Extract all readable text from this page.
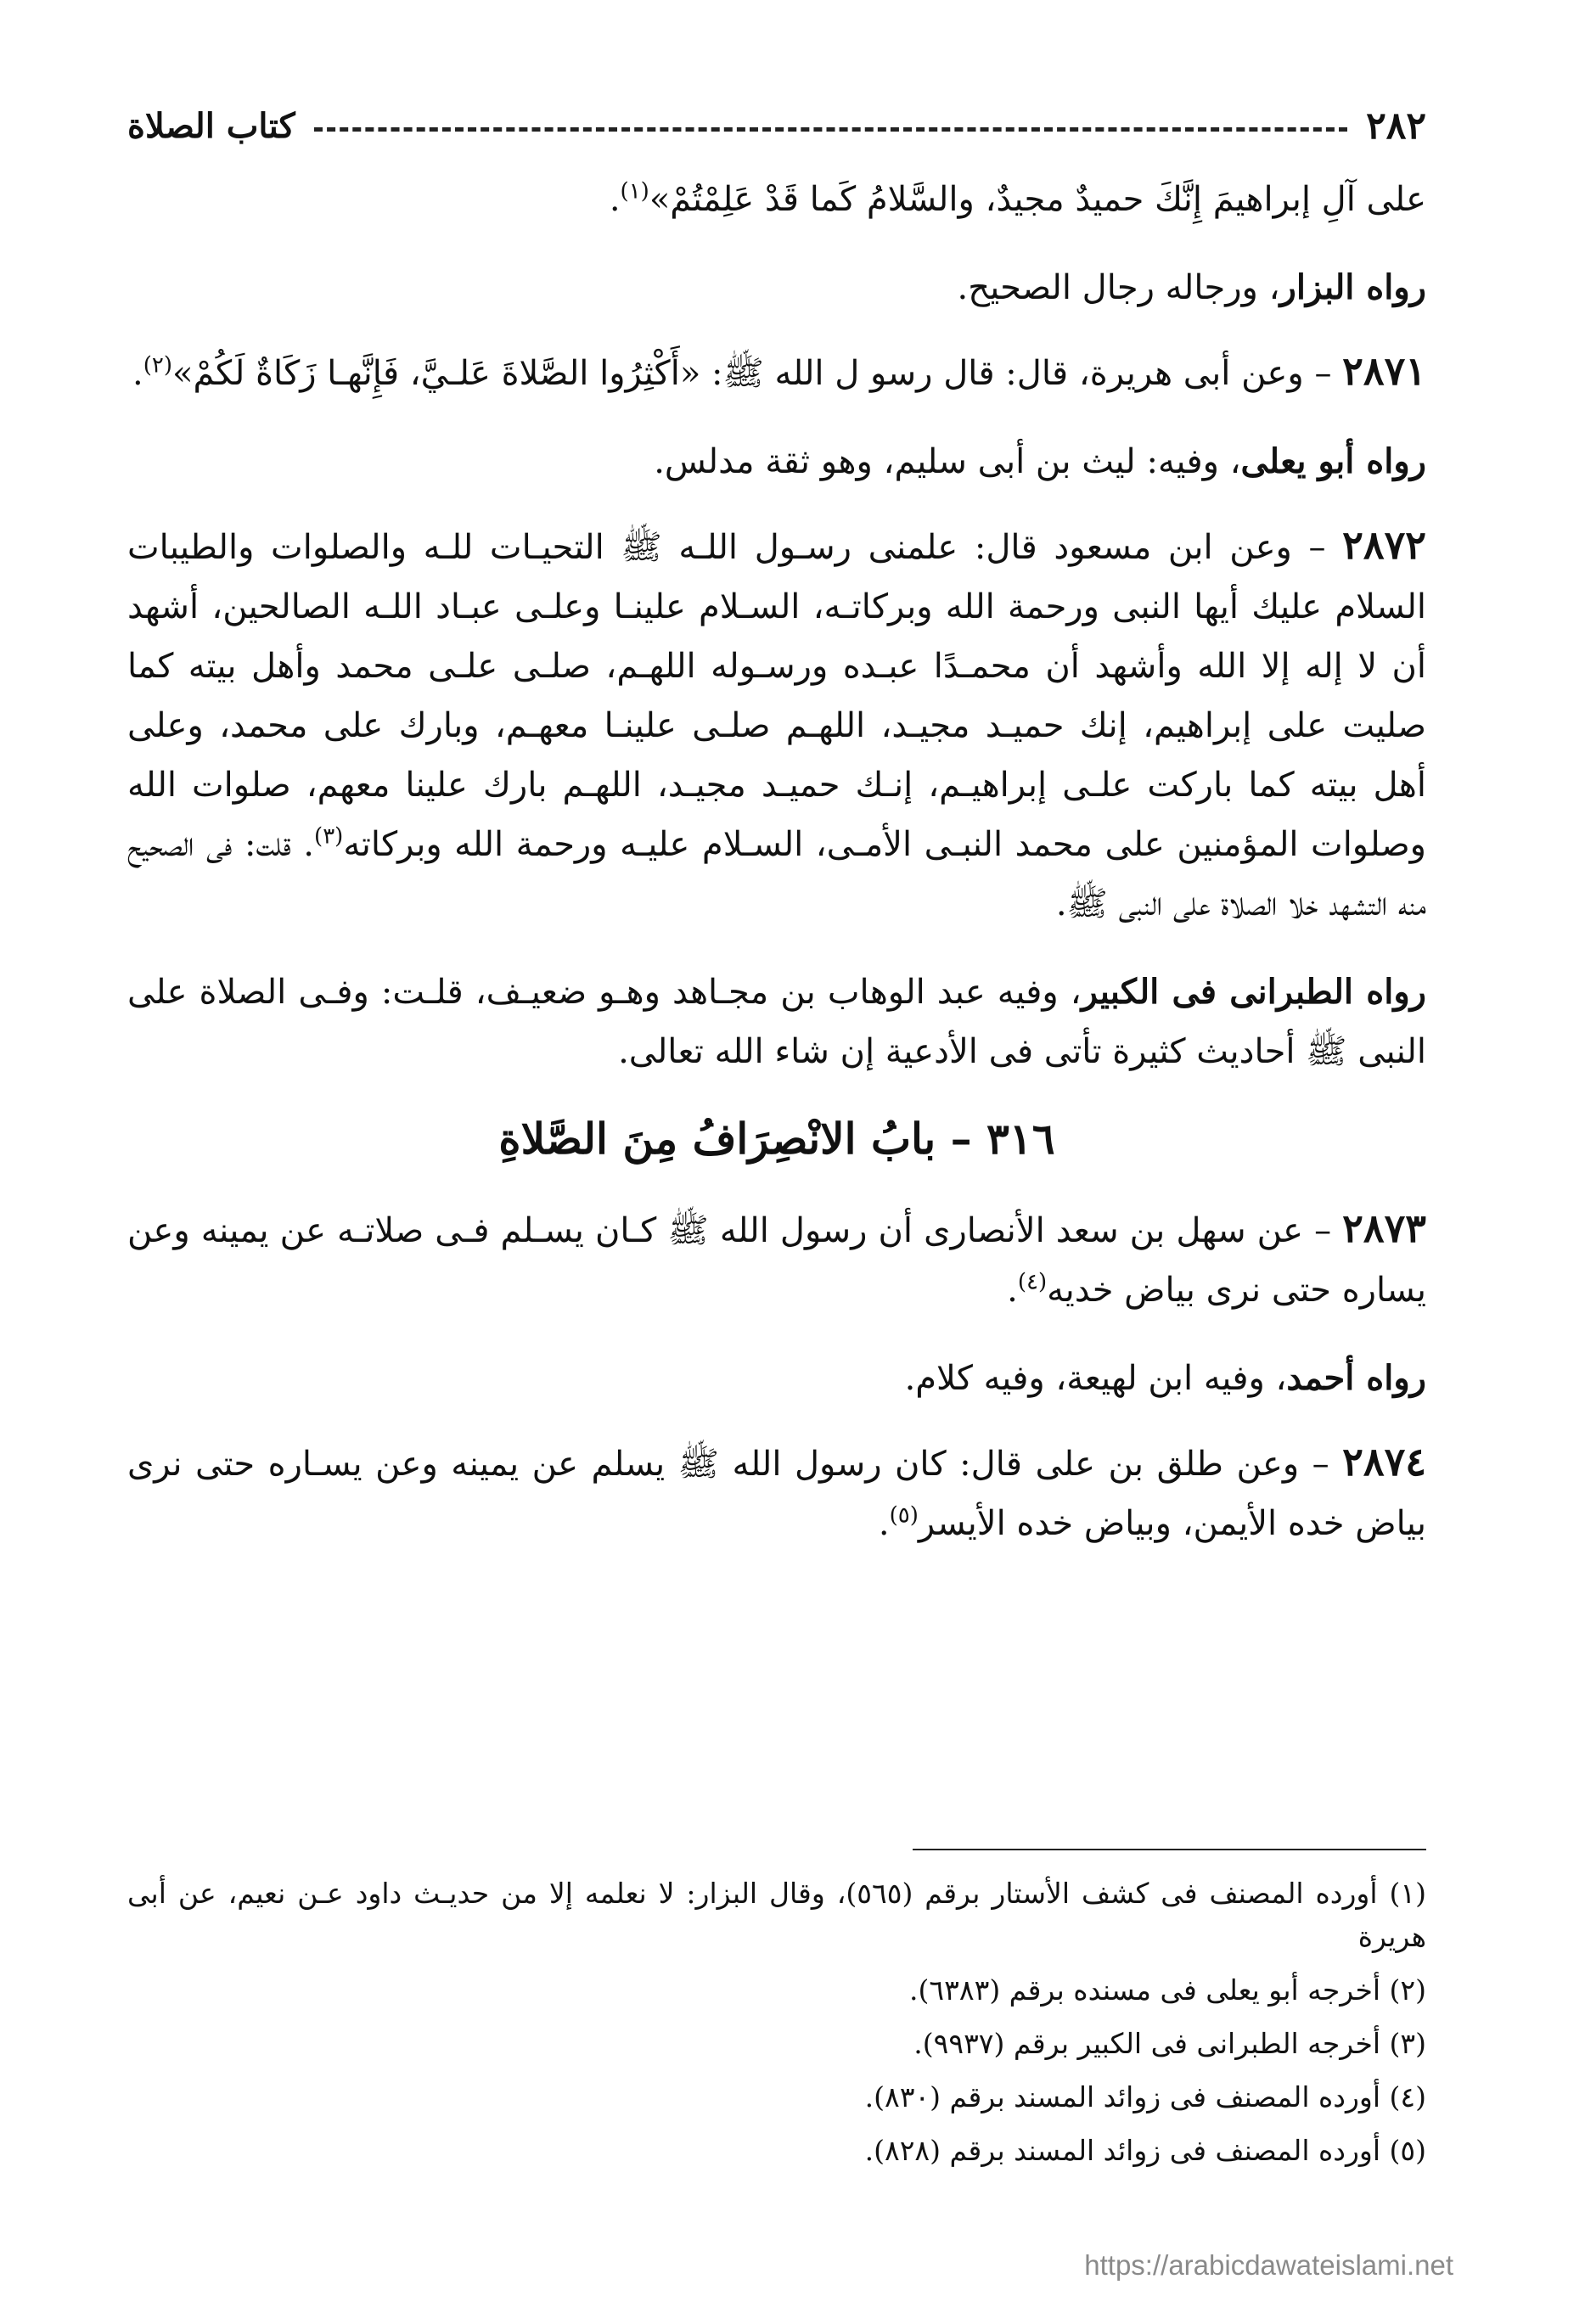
٢٨٢
كتاب الصلاة

على آلِ إبراهيمَ إِنَّكَ حميدٌ مجيدٌ، والسَّلامُ كَما قَدْ عَلِمْتُمْ»$^{(١)}$.

رواه البزار، ورجاله رجال الصحيح.

٢٨٧١ – وعن أبى هريرة، قال: قال رسو ل الله ﷺ: «أَكْثِرُوا الصَّلاةَ عَلـيَّ، فَإِنَّهـا زَكَاةٌ لَكُمْ»$^{(٢)}$.

رواه أبو يعلى، وفيه: ليث بن أبى سليم، وهو ثقة مدلس.

٢٨٧٢ – وعن ابن مسعود قال: علمنى رسـول اللـه ﷺ التحيـات للـه والصلوات والطيبات السلام عليك أيها النبى ورحمة الله وبركاتـه، السـلام علينـا وعلـى عبـاد اللـه الصالحين، أشهد أن لا إله إلا الله وأشهد أن محمـدًا عبـده ورسـوله اللهـم، صلـى علـى محمد وأهل بيته كما صليت على إبراهيم، إنك حميـد مجيـد، اللهـم صلـى علينـا معهـم، وبارك على محمد، وعلى أهل بيته كما باركت علـى إبراهيـم، إنـك حميـد مجيـد، اللهـم بارك علينا معهم، صلوات الله وصلوات المؤمنين على محمد النبـى الأمـى، السـلام عليـه ورحمة الله وبركاته$^{(٣)}$. قلت: فى الصحيح منه التشهد خلا الصلاة على النبى ﷺ.

رواه الطبرانى فى الكبير، وفيه عبد الوهاب بن مجـاهد وهـو ضعيـف، قلـت: وفـى الصلاة على النبى ﷺ أحاديث كثيرة تأتى فى الأدعية إن شاء الله تعالى.

٣١٦ – بابُ الانْصِرَافُ مِنَ الصَّلاةِ

٢٨٧٣ – عن سهل بن سعد الأنصارى أن رسول الله ﷺ كـان يسـلم فـى صلاتـه عن يمينه وعن يساره حتى نرى بياض خديه$^{(٤)}$.

رواه أحمد، وفيه ابن لهيعة، وفيه كلام.

٢٨٧٤ – وعن طلق بن على قال: كان رسول الله ﷺ يسلم عن يمينه وعن يسـاره حتى نرى بياض خده الأيمن، وبياض خده الأيسر$^{(٥)}$.

(١) أورده المصنف فى كشف الأستار برقم (٥٦٥)، وقال البزار: لا نعلمه إلا من حديـث داود عـن نعيم، عن أبى هريرة

(٢) أخرجه أبو يعلى فى مسنده برقم (٦٣٨٣).

(٣) أخرجه الطبرانى فى الكبير برقم (٩٩٣٧).

(٤) أورده المصنف فى زوائد المسند برقم (٨٣٠).

(٥) أورده المصنف فى زوائد المسند برقم (٨٢٨).

https://arabicdawateislami.net
